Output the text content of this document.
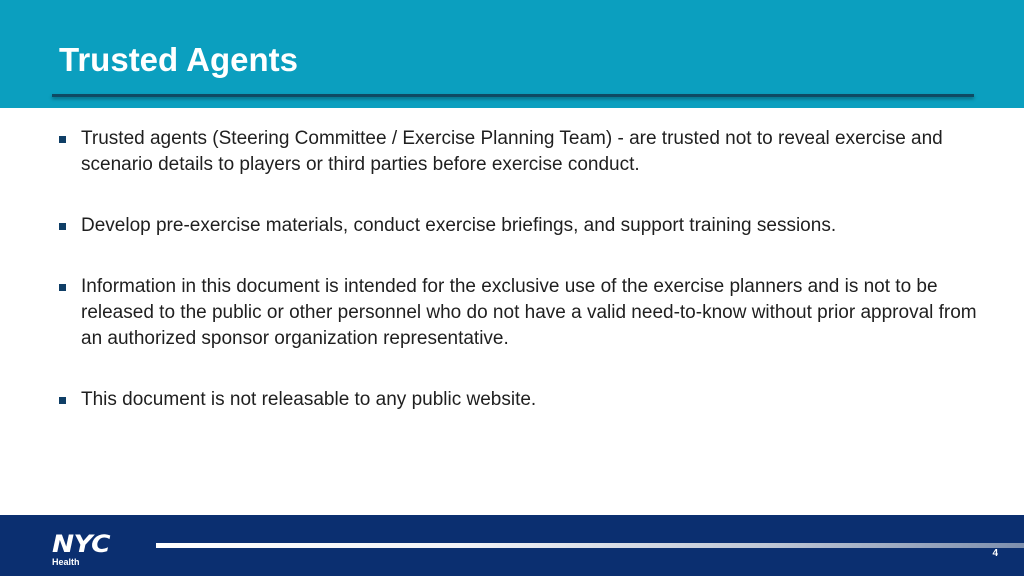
Trusted Agents
Trusted agents (Steering Committee / Exercise Planning Team) - are trusted not to reveal exercise and scenario details to players or third parties before exercise conduct.
Develop pre-exercise materials, conduct exercise briefings, and support training sessions.
Information in this document is intended for the exclusive use of the exercise planners and is not to be released to the public or other personnel who do not have a valid need-to-know without prior approval from an authorized sponsor organization representative.
This document is not releasable to any public website.
NYC
Health
4
